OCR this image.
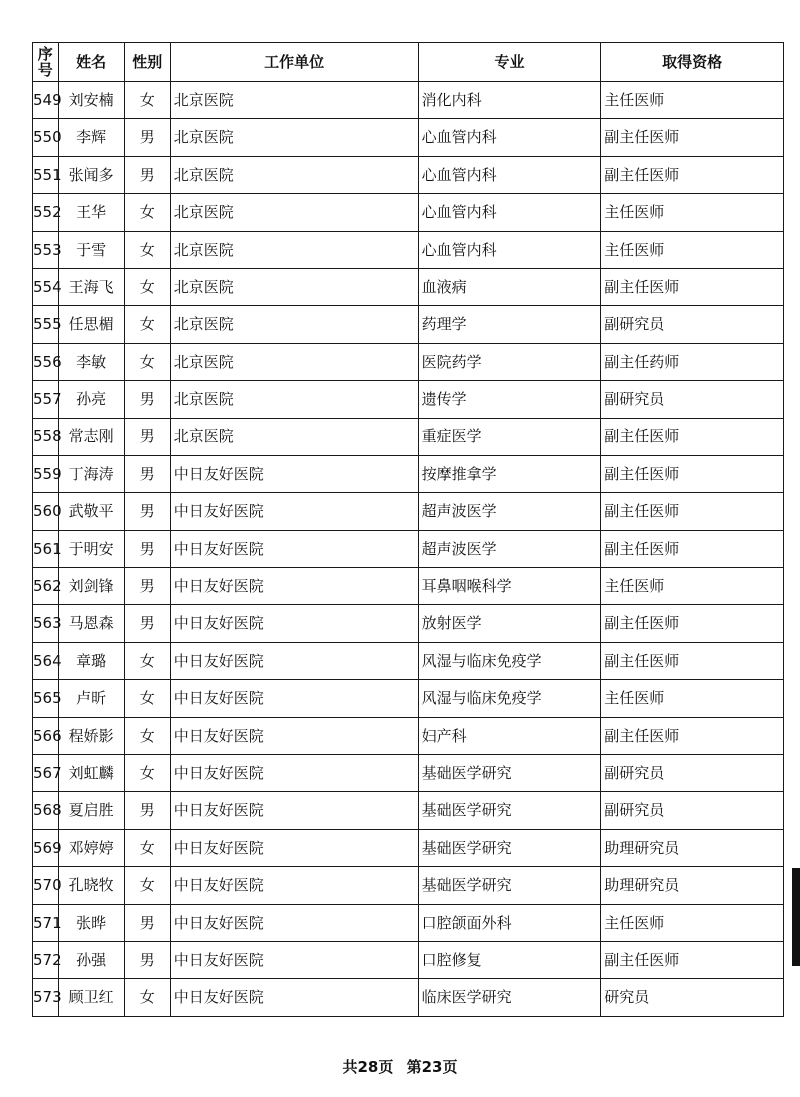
序号	姓名	性别	工作单位	专业	取得资格
549	刘安楠	女	北京医院	消化内科	主任医师
550	李辉	男	北京医院	心血管内科	副主任医师
551	张闻多	男	北京医院	心血管内科	副主任医师
552	王华	女	北京医院	心血管内科	主任医师
553	于雪	女	北京医院	心血管内科	主任医师
554	王海飞	女	北京医院	血液病	副主任医师
555	任思楣	女	北京医院	药理学	副研究员
556	李敏	女	北京医院	医院药学	副主任药师
557	孙亮	男	北京医院	遗传学	副研究员
558	常志刚	男	北京医院	重症医学	副主任医师
559	丁海涛	男	中日友好医院	按摩推拿学	副主任医师
560	武敬平	男	中日友好医院	超声波医学	副主任医师
561	于明安	男	中日友好医院	超声波医学	副主任医师
562	刘剑锋	男	中日友好医院	耳鼻咽喉科学	主任医师
563	马恩森	男	中日友好医院	放射医学	副主任医师
564	章璐	女	中日友好医院	风湿与临床免疫学	副主任医师
565	卢昕	女	中日友好医院	风湿与临床免疫学	主任医师
566	程娇影	女	中日友好医院	妇产科	副主任医师
567	刘虹麟	女	中日友好医院	基础医学研究	副研究员
568	夏启胜	男	中日友好医院	基础医学研究	副研究员
569	邓婷婷	女	中日友好医院	基础医学研究	助理研究员
570	孔晓牧	女	中日友好医院	基础医学研究	助理研究员
571	张晔	男	中日友好医院	口腔颌面外科	主任医师
572	孙强	男	中日友好医院	口腔修复	副主任医师
573	顾卫红	女	中日友好医院	临床医学研究	研究员
共28页 第23页
